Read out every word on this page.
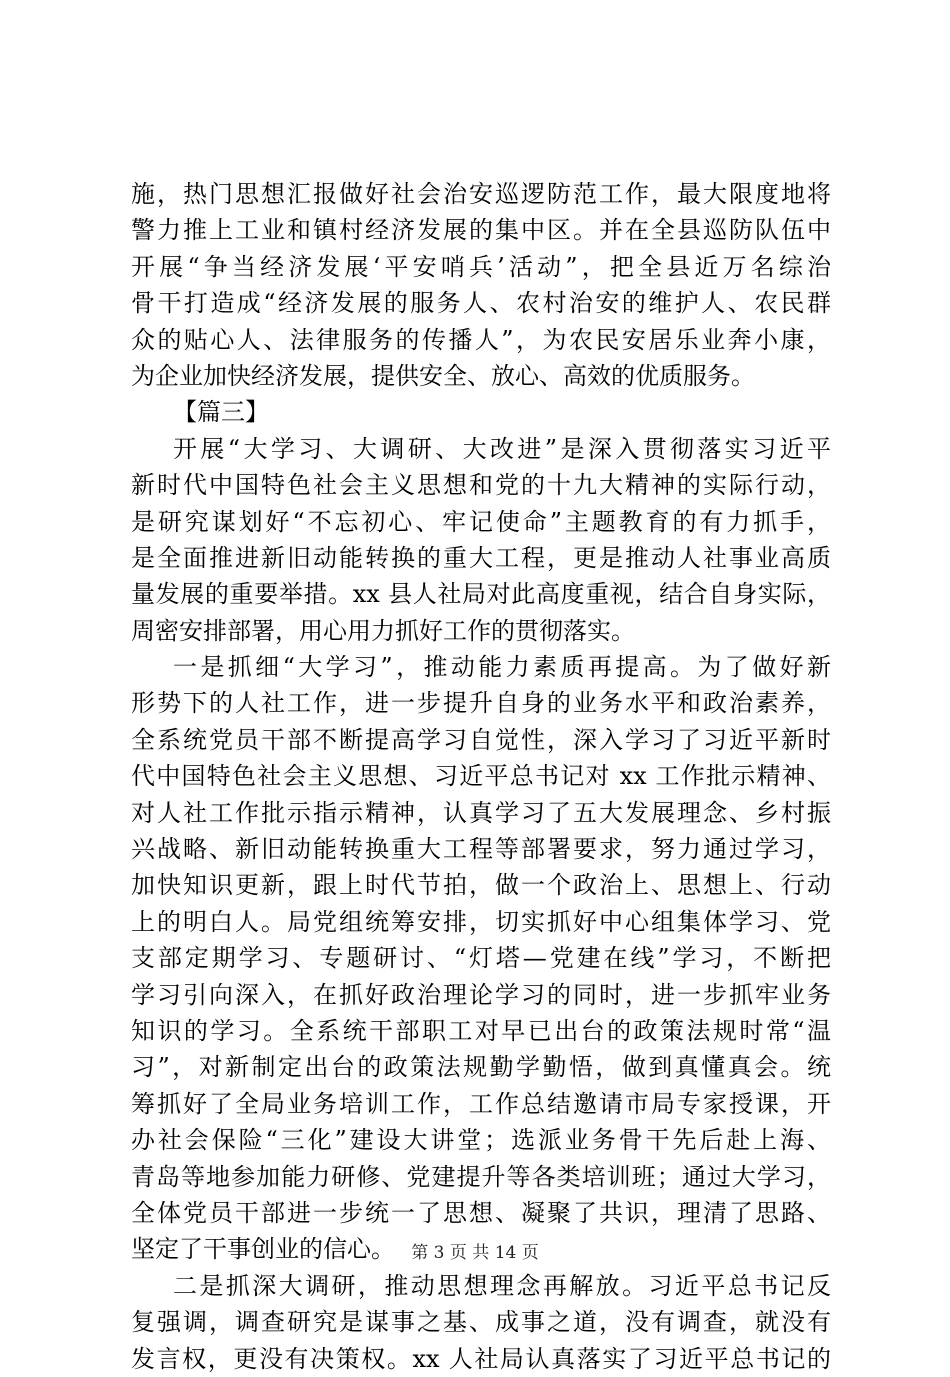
施，热门思想汇报做好社会治安巡逻防范工作，最大限度地将
警力推上工业和镇村经济发展的集中区。并在全县巡防队伍中
开展“争当经济发展‘平安哨兵’活动”，把全县近万名综治
骨干打造成“经济发展的服务人、农村治安的维护人、农民群
众的贴心人、法律服务的传播人”，为农民安居乐业奔小康，
为企业加快经济发展，提供安全、放心、高效的优质服务。
【篇三】
开展“大学习、大调研、大改进”是深入贯彻落实习近平
新时代中国特色社会主义思想和党的十九大精神的实际行动，
是研究谋划好“不忘初心、牢记使命”主题教育的有力抓手，
是全面推进新旧动能转换的重大工程，更是推动人社事业高质
量发展的重要举措。xx 县人社局对此高度重视，结合自身实际，
周密安排部署，用心用力抓好工作的贯彻落实。
一是抓细“大学习”，推动能力素质再提高。为了做好新
形势下的人社工作，进一步提升自身的业务水平和政治素养，
全系统党员干部不断提高学习自觉性，深入学习了习近平新时
代中国特色社会主义思想、习近平总书记对 xx 工作批示精神、
对人社工作批示指示精神，认真学习了五大发展理念、乡村振
兴战略、新旧动能转换重大工程等部署要求，努力通过学习，
加快知识更新，跟上时代节拍，做一个政治上、思想上、行动
上的明白人。局党组统筹安排，切实抓好中心组集体学习、党
支部定期学习、专题研讨、“灯塔—党建在线”学习，不断把
学习引向深入，在抓好政治理论学习的同时，进一步抓牢业务
知识的学习。全系统干部职工对早已出台的政策法规时常“温
习”，对新制定出台的政策法规勤学勤悟，做到真懂真会。统
筹抓好了全局业务培训工作，工作总结邀请市局专家授课，开
办社会保险“三化”建设大讲堂；选派业务骨干先后赴上海、
青岛等地参加能力研修、党建提升等各类培训班；通过大学习，
全体党员干部进一步统一了思想、凝聚了共识，理清了思路、
坚定了干事创业的信心。
二是抓深大调研，推动思想理念再解放。习近平总书记反
复强调，调查研究是谋事之基、成事之道，没有调查，就没有
发言权，更没有决策权。xx 人社局认真落实了习近平总书记的
第 3 页 共 14 页
